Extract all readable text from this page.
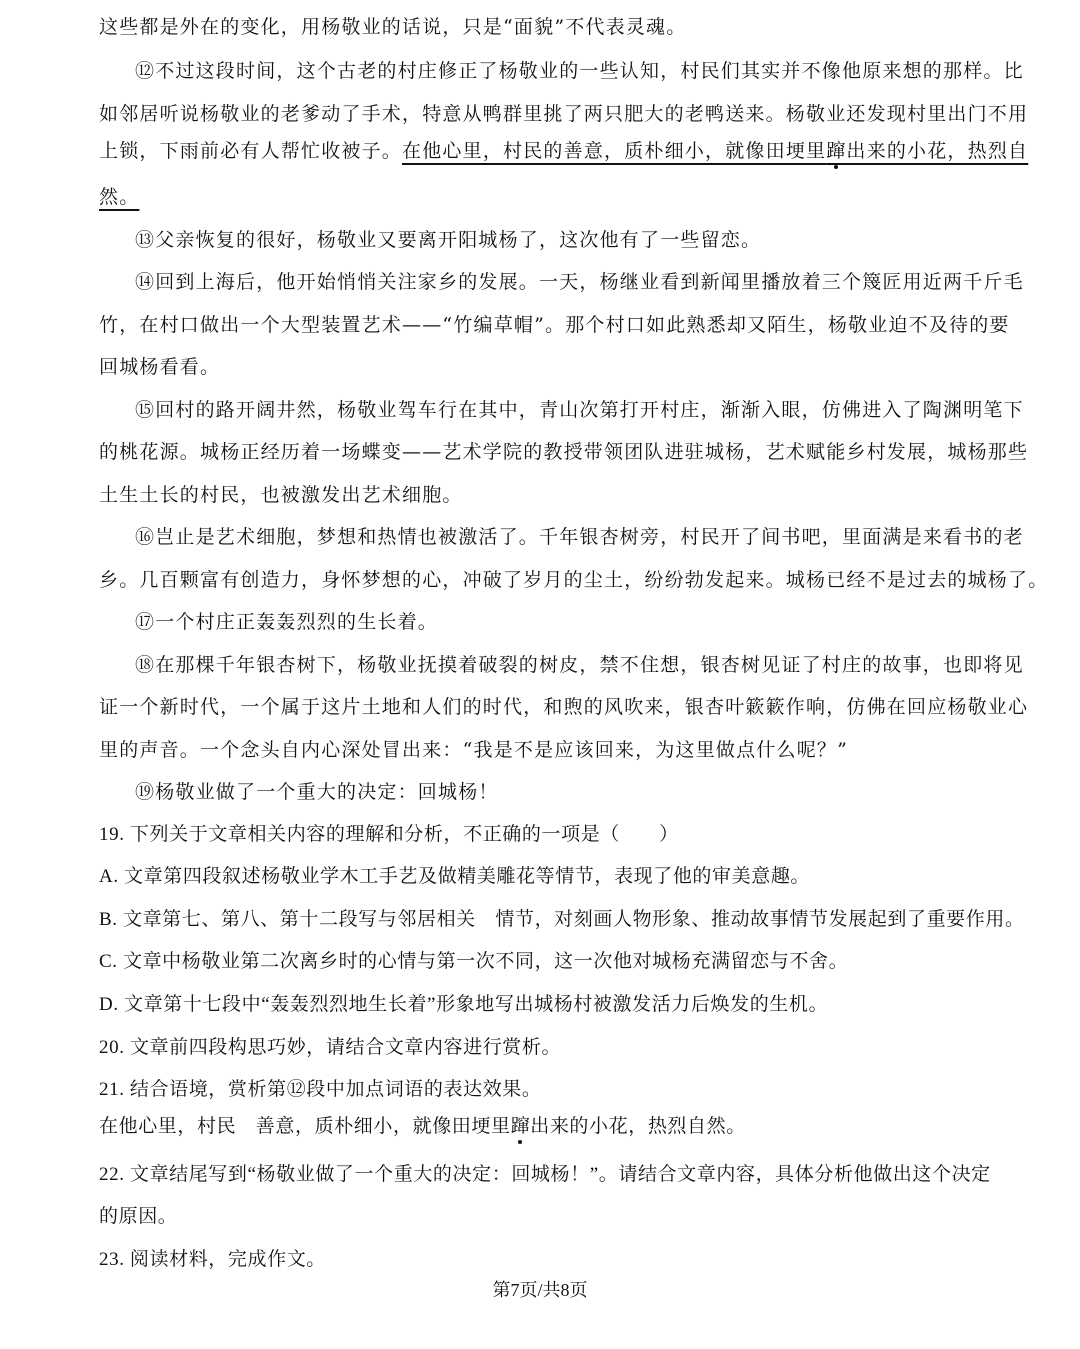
这些都是外在的变化，用杨敬业的话说，只是“面貌”不代表灵魂。
⑫不过这段时间，这个古老的村庄修正了杨敬业的一些认知，村民们其实并不像他原来想的那样。比
如邻居听说杨敬业的老爹动了手术，特意从鸭群里挑了两只肥大的老鸭送来。杨敬业还发现村里出门不用
上锁，下雨前必有人帮忙收被子。在他心里，村民的善意，质朴细小，就像田埂里蹿出来的小花，热烈自
然。
⑬父亲恢复的很好，杨敬业又要离开阳城杨了，这次他有了一些留恋。
⑭回到上海后，他开始悄悄关注家乡的发展。一天，杨继业看到新闻里播放着三个篾匠用近两千斤毛
竹，在村口做出一个大型装置艺术——“竹编草帽”。那个村口如此熟悉却又陌生，杨敬业迫不及待的要
回城杨看看。
⑮回村的路开阔井然，杨敬业驾车行在其中，青山次第打开村庄，渐渐入眼，仿佛进入了陶渊明笔下
的桃花源。城杨正经历着一场蝶变——艺术学院的教授带领团队进驻城杨，艺术赋能乡村发展，城杨那些
土生土长的村民，也被激发出艺术细胞。
⑯岂止是艺术细胞，梦想和热情也被激活了。千年银杏树旁，村民开了间书吧，里面满是来看书的老
乡。几百颗富有创造力，身怀梦想的心，冲破了岁月的尘土，纷纷勃发起来。城杨已经不是过去的城杨了。
⑰一个村庄正轰轰烈烈的生长着。
⑱在那棵千年银杏树下，杨敬业抚摸着破裂的树皮，禁不住想，银杏树见证了村庄的故事，也即将见
证一个新时代，一个属于这片土地和人们的时代，和煦的风吹来，银杏叶簌簌作响，仿佛在回应杨敬业心
里的声音。一个念头自内心深处冒出来：“我是不是应该回来，为这里做点什么呢？”
⑲杨敬业做了一个重大的决定：回城杨！
19. 下列关于文章相关内容的理解和分析，不正确的一项是（　　）
A. 文章第四段叙述杨敬业学木工手艺及做精美雕花等情节，表现了他的审美意趣。
B. 文章第七、第八、第十二段写与邻居相关　情节，对刻画人物形象、推动故事情节发展起到了重要作用。
C. 文章中杨敬业第二次离乡时的心情与第一次不同，这一次他对城杨充满留恋与不舍。
D. 文章第十七段中“轰轰烈烈地生长着”形象地写出城杨村被激发活力后焕发的生机。
20. 文章前四段构思巧妙，请结合文章内容进行赏析。
21. 结合语境，赏析第⑫段中加点词语的表达效果。
在他心里，村民　善意，质朴细小，就像田埂里蹿出来的小花，热烈自然。
22. 文章结尾写到“杨敬业做了一个重大的决定：回城杨！”。请结合文章内容，具体分析他做出这个决定
的原因。
23. 阅读材料，完成作文。
第7页/共8页
